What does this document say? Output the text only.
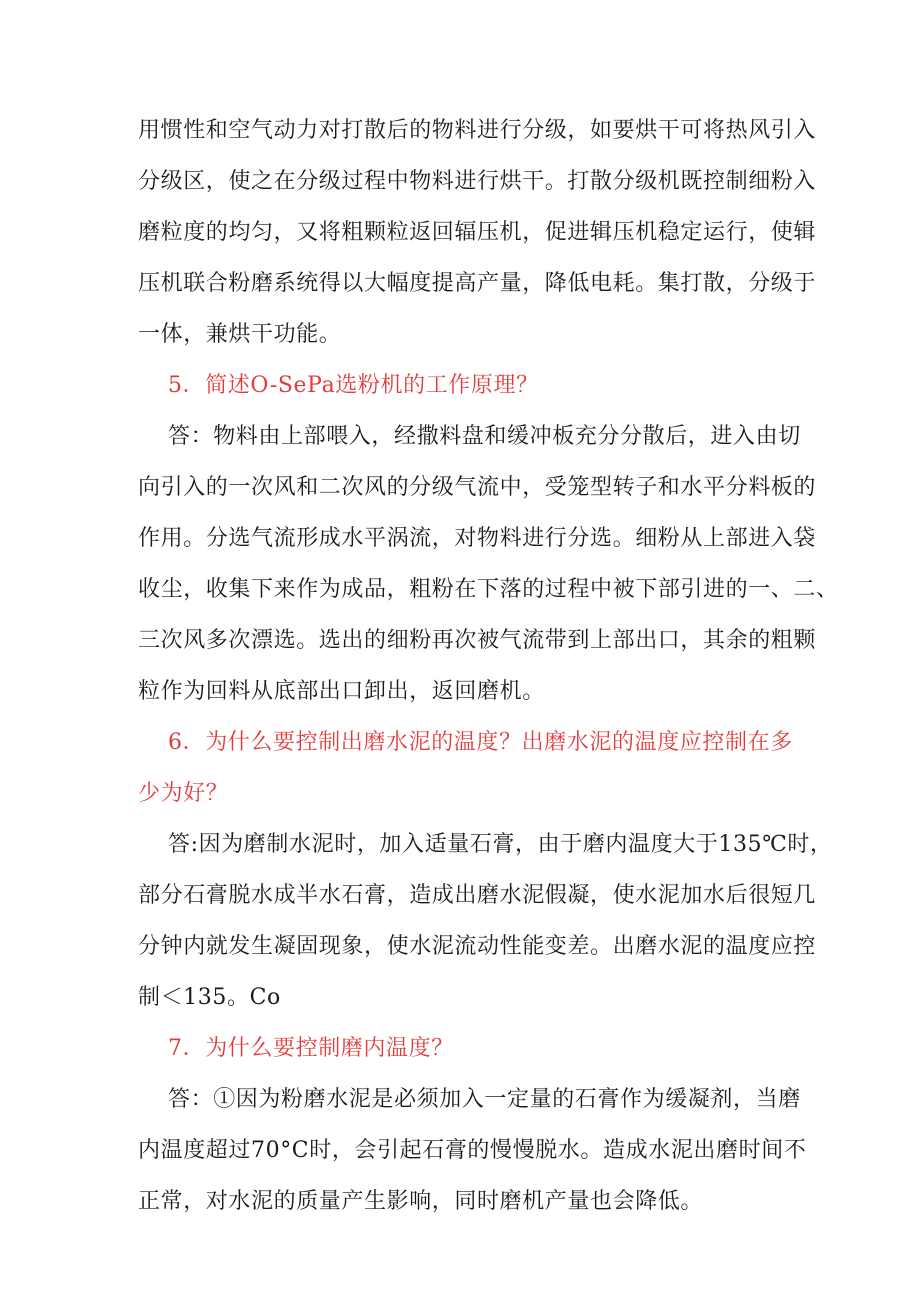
用惯性和空气动力对打散后的物料进行分级，如要烘干可将热风引入
分级区，使之在分级过程中物料进行烘干。打散分级机既控制细粉入
磨粒度的均匀，又将粗颗粒返回辐压机，促进辑压机稳定运行，使辑
压机联合粉磨系统得以大幅度提高产量，降低电耗。集打散，分级于
一体，兼烘干功能。
5．简述O-SePa选粉机的工作原理？
答：物料由上部喂入，经撒料盘和缓冲板充分分散后，进入由切
向引入的一次风和二次风的分级气流中，受笼型转子和水平分料板的
作用。分选气流形成水平涡流，对物料进行分选。细粉从上部进入袋
收尘，收集下来作为成品，粗粉在下落的过程中被下部引进的一、二、
三次风多次漂选。选出的细粉再次被气流带到上部出口，其余的粗颗
粒作为回料从底部出口卸出，返回磨机。
6．为什么要控制出磨水泥的温度？出磨水泥的温度应控制在多
少为好？
答:因为磨制水泥时，加入适量石膏，由于磨内温度大于135℃时，
部分石膏脱水成半水石膏，造成出磨水泥假凝，使水泥加水后很短几
分钟内就发生凝固现象，使水泥流动性能变差。出磨水泥的温度应控
制＜135。Co
7．为什么要控制磨内温度？
答：①因为粉磨水泥是必须加入一定量的石膏作为缓凝剂，当磨
内温度超过70°C时，会引起石膏的慢慢脱水。造成水泥出磨时间不
正常，对水泥的质量产生影响，同时磨机产量也会降低。
